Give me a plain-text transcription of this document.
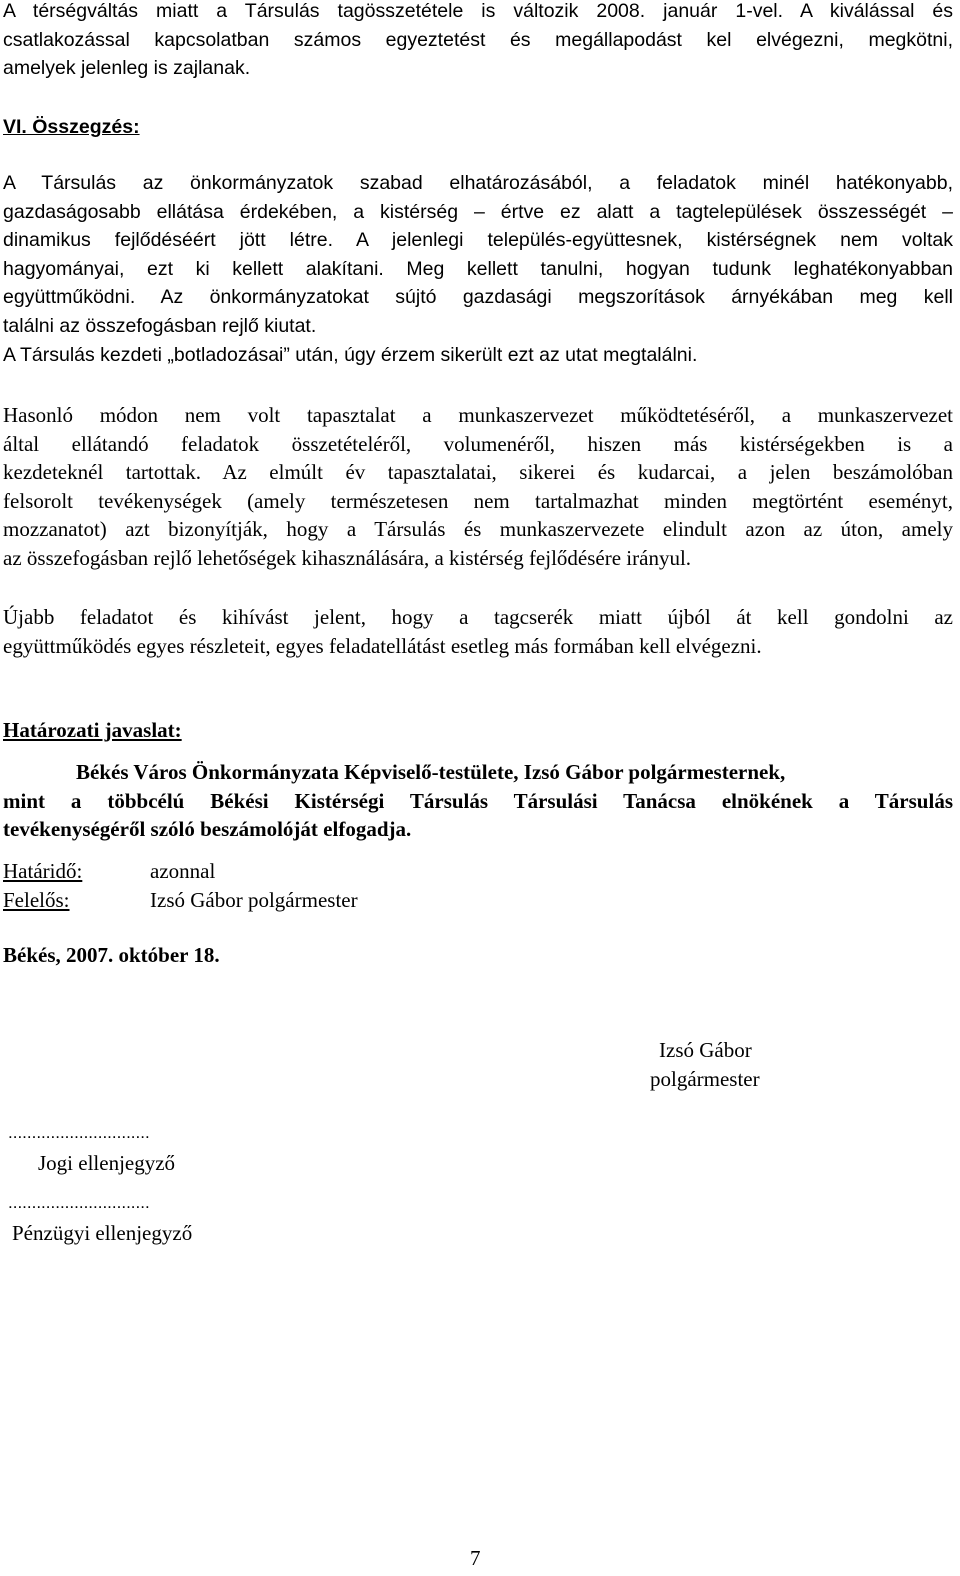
A térségváltás miatt a Társulás tagösszetétele is változik 2008. január 1-vel. A kiválással és
csatlakozással kapcsolatban számos egyeztetést és megállapodást kel elvégezni, megkötni,
amelyek jelenleg is zajlanak.

VI. Összegzés:

A Társulás az önkormányzatok szabad elhatározásából, a feladatok minél hatékonyabb,
gazdaságosabb ellátása érdekében, a kistérség – értve ez alatt a tagtelepülések összességét –
dinamikus fejlődéséért jött létre. A jelenlegi település-együttesnek, kistérségnek nem voltak
hagyományai, ezt ki kellett alakítani. Meg kellett tanulni, hogyan tudunk leghatékonyabban
együttműködni. Az önkormányzatokat sújtó gazdasági megszorítások árnyékában meg kell
találni az összefogásban rejlő kiutat.
A Társulás kezdeti „botladozásai” után, úgy érzem sikerült ezt az utat megtalálni.
Hasonló módon nem volt tapasztalat a munkaszervezet működtetéséről, a munkaszervezet
által ellátandó feladatok összetételéről, volumenéről, hiszen más kistérségekben is a
kezdeteknél tartottak. Az elmúlt év tapasztalatai, sikerei és kudarcai, a jelen beszámolóban
felsorolt tevékenységek (amely természetesen nem tartalmazhat minden megtörtént eseményt,
mozzanatot) azt bizonyítják, hogy a Társulás és munkaszervezete elindult azon az úton, amely
az összefogásban rejlő lehetőségek kihasználására, a kistérség fejlődésére irányul.
Újabb feladatot és kihívást jelent, hogy a tagcserék miatt újból át kell gondolni az
együttműködés egyes részleteit, egyes feladatellátást esetleg más formában kell elvégezni.

Határozati javaslat:

Békés Város Önkormányzata Képviselő-testülete, Izsó Gábor polgármesternek,
mint a többcélú Békési Kistérségi Társulás Társulási Tanácsa elnökének a Társulás
tevékenységéről szóló beszámolóját elfogadja.

Határidő:	azonnal

Felelős:	Izsó Gábor polgármester

Békés, 2007. október 18.

Izsó Gábor

polgármester

..............................

Jogi ellenjegyző

..............................

Pénzügyi ellenjegyző

7
